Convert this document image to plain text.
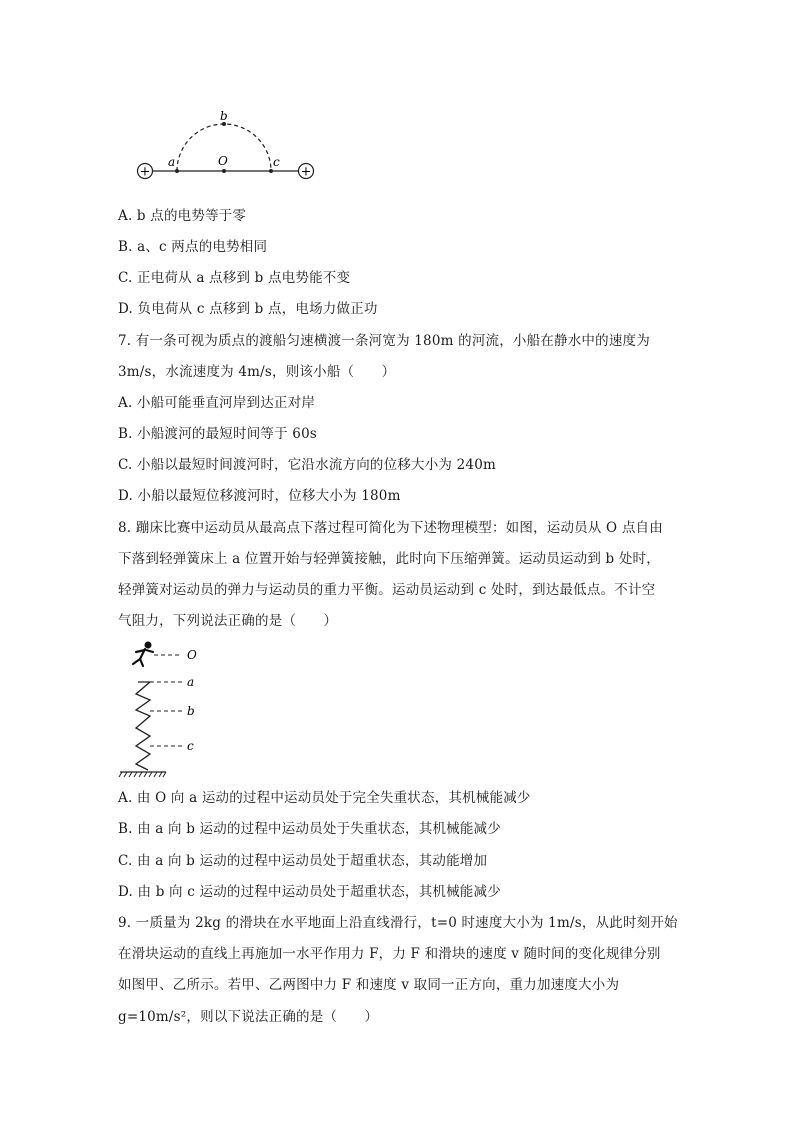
+	+
b
a	O	c
A. b 点的电势等于零
B. a、c 两点的电势相同
C. 正电荷从 a 点移到 b 点电势能不变
D. 负电荷从 c 点移到 b 点，电场力做正功
7. 有一条可视为质点的渡船匀速横渡一条河宽为 180m 的河流，小船在静水中的速度为
3m/s，水流速度为 4m/s，则该小船（　　）
A. 小船可能垂直河岸到达正对岸
B. 小船渡河的最短时间等于 60s
C. 小船以最短时间渡河时，它沿水流方向的位移大小为 240m
D. 小船以最短位移渡河时，位移大小为 180m
8. 蹦床比赛中运动员从最高点下落过程可简化为下述物理模型：如图，运动员从 O 点自由
下落到轻弹簧床上 a 位置开始与轻弹簧接触，此时向下压缩弹簧。运动员运动到 b 处时，
轻弹簧对运动员的弹力与运动员的重力平衡。运动员运动到 c 处时，到达最低点。不计空
气阻力，下列说法正确的是（　　）
O
a
b
c
A. 由 O 向 a 运动的过程中运动员处于完全失重状态，其机械能减少
B. 由 a 向 b 运动的过程中运动员处于失重状态，其机械能减少
C. 由 a 向 b 运动的过程中运动员处于超重状态，其动能增加
D. 由 b 向 c 运动的过程中运动员处于超重状态，其机械能减少
9. 一质量为 2kg 的滑块在水平地面上沿直线滑行，t=0 时速度大小为 1m/s，从此时刻开始
在滑块运动的直线上再施加一水平作用力 F，力 F 和滑块的速度 v 随时间的变化规律分别
如图甲、乙所示。若甲、乙两图中力 F 和速度 v 取同一正方向，重力加速度大小为
g=10m/s²，则以下说法正确的是（　　）
